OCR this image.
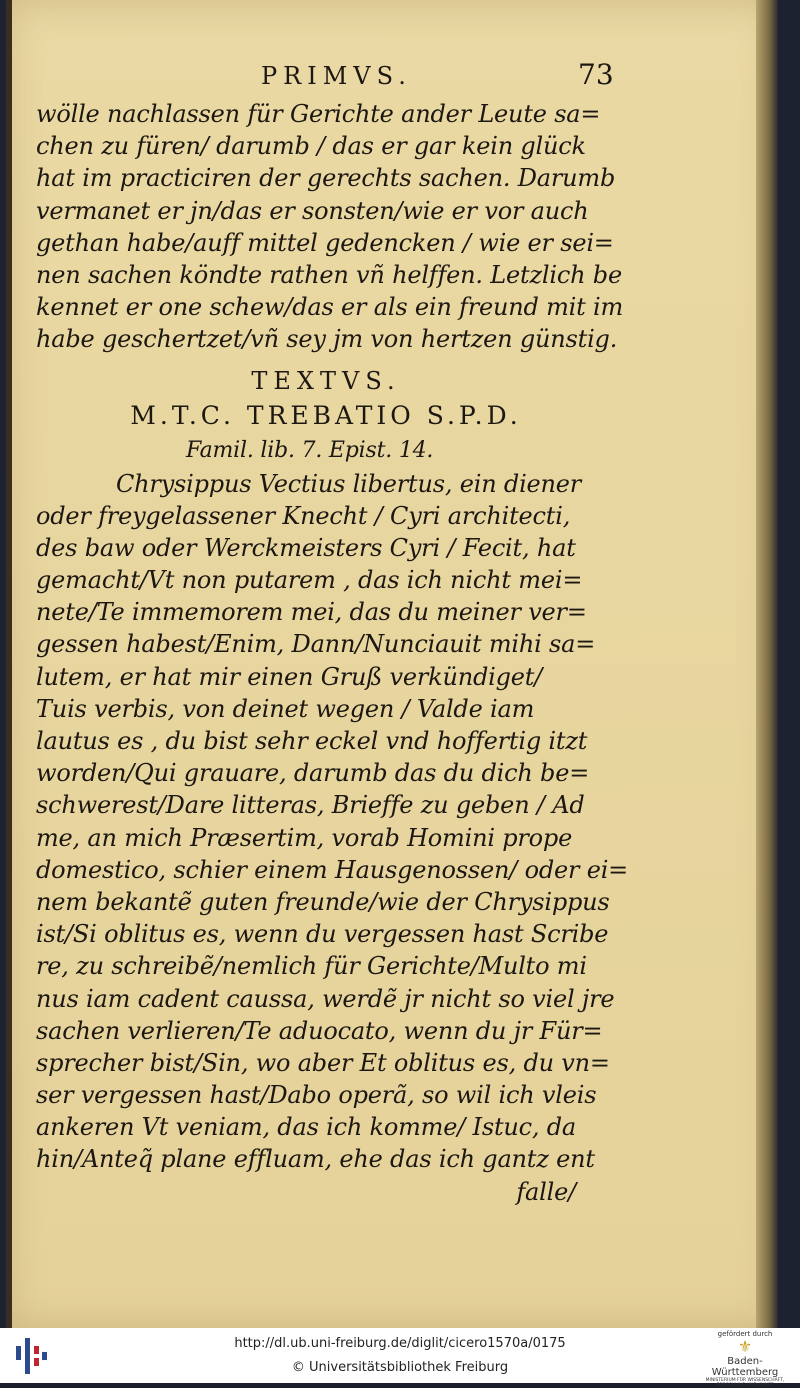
PRIMVS.	73
wölle nachlassen für Gerichte ander Leute sa=
chen zu füren/ darumb / das er gar kein glück
hat im practiciren der gerechts sachen. Darumb
vermanet er jn/das er sonsten/wie er vor auch
gethan habe/auff mittel gedencken / wie er sei=
nen sachen köndte rathen vñ helffen. Letzlich be
kennet er one schew/das er als ein freund mit im
habe geschertzet/vñ sey jm von hertzen günstig.
TEXTVS.
M.T.C. TREBATIO S.P.D.
Famil. lib. 7. Epist. 14.
Chrysippus Vectius libertus, ein diener
oder freygelassener Knecht / Cyri architecti,
des baw oder Werckmeisters Cyri / Fecit, hat
gemacht/Vt non putarem , das ich nicht mei=
nete/Te immemorem mei, das du meiner ver=
gessen habest/Enim, Dann/Nunciauit mihi sa=
lutem, er hat mir einen Gruß verkündiget/
Tuis verbis, von deinet wegen / Valde iam
lautus es , du bist sehr eckel vnd hoffertig itzt
worden/Qui grauare, darumb das du dich be=
schwerest/Dare litteras, Brieffe zu geben / Ad
me, an mich Præsertim, vorab Homini prope
domestico, schier einem Hausgenossen/ oder ei=
nem bekantẽ guten freunde/wie der Chrysippus
ist/Si oblitus es, wenn du vergessen hast Scribe
re, zu schreibẽ/nemlich für Gerichte/Multo mi
nus iam cadent caussa, werdẽ jr nicht so viel jre
sachen verlieren/Te aduocato, wenn du jr Für=
sprecher bist/Sin, wo aber Et oblitus es, du vn=
ser vergessen hast/Dabo operã, so wil ich vleis
ankeren Vt veniam, das ich komme/ Istuc, da
hin/Anteq̃ plane effluam, ehe das ich gantz ent
falle/
http://dl.ub.uni-freiburg.de/diglit/cicero1570a/0175
© Universitätsbibliothek Freiburg
gefördert durch
⚜
Baden-Württemberg
MINISTERIUM FÜR WISSENSCHAFT, FORSCHUNG UND KUNST
